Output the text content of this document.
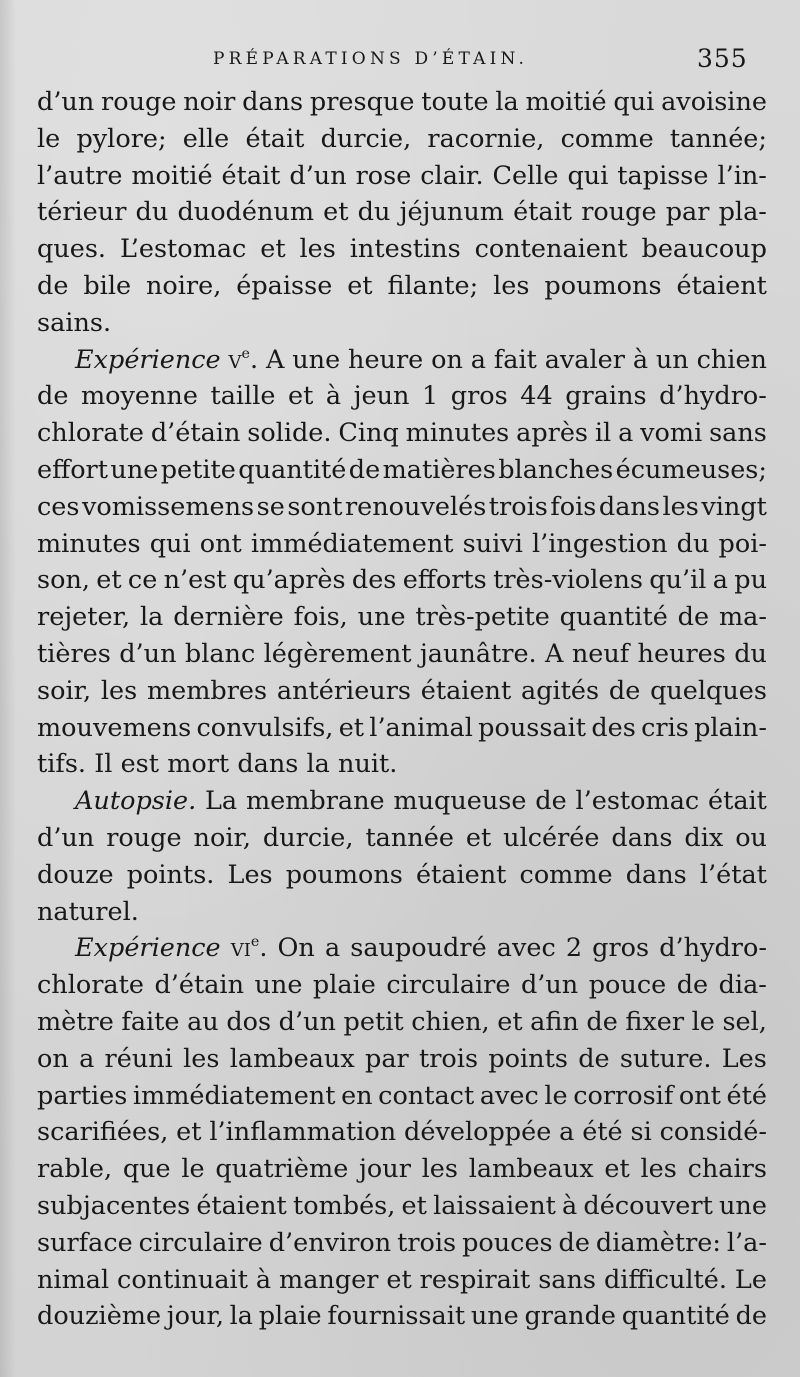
PRÉPARATIONS D’ÉTAIN.	355
d’un rouge noir dans presque toute la moitié qui avoisine
le pylore; elle était durcie, racornie, comme tannée;
l’autre moitié était d’un rose clair. Celle qui tapisse l’in-
térieur du duodénum et du jéjunum était rouge par pla-
ques. L’estomac et les intestins contenaient beaucoup
de bile noire, épaisse et filante; les poumons étaient
sains.
Expérience $v^e$. A une heure on a fait avaler à un chien
de moyenne taille et à jeun 1 gros 44 grains d’hydro-
chlorate d’étain solide. Cinq minutes après il a vomi sans
effort une petite quantité de matières blanches écumeuses;
ces vomissemens se sont renouvelés trois fois dans les vingt
minutes qui ont immédiatement suivi l’ingestion du poi-
son, et ce n’est qu’après des efforts très-violens qu’il a pu
rejeter, la dernière fois, une très-petite quantité de ma-
tières d’un blanc légèrement jaunâtre. A neuf heures du
soir, les membres antérieurs étaient agités de quelques
mouvemens convulsifs, et l’animal poussait des cris plain-
tifs. Il est mort dans la nuit.
Autopsie. La membrane muqueuse de l’estomac était
d’un rouge noir, durcie, tannée et ulcérée dans dix ou
douze points. Les poumons étaient comme dans l’état
naturel.
Expérience $vi^e$. On a saupoudré avec 2 gros d’hydro-
chlorate d’étain une plaie circulaire d’un pouce de dia-
mètre faite au dos d’un petit chien, et afin de fixer le sel,
on a réuni les lambeaux par trois points de suture. Les
parties immédiatement en contact avec le corrosif ont été
scarifiées, et l’inflammation développée a été si considé-
rable, que le quatrième jour les lambeaux et les chairs
subjacentes étaient tombés, et laissaient à découvert une
surface circulaire d’environ trois pouces de diamètre: l’a-
nimal continuait à manger et respirait sans difficulté. Le
douzième jour, la plaie fournissait une grande quantité de
